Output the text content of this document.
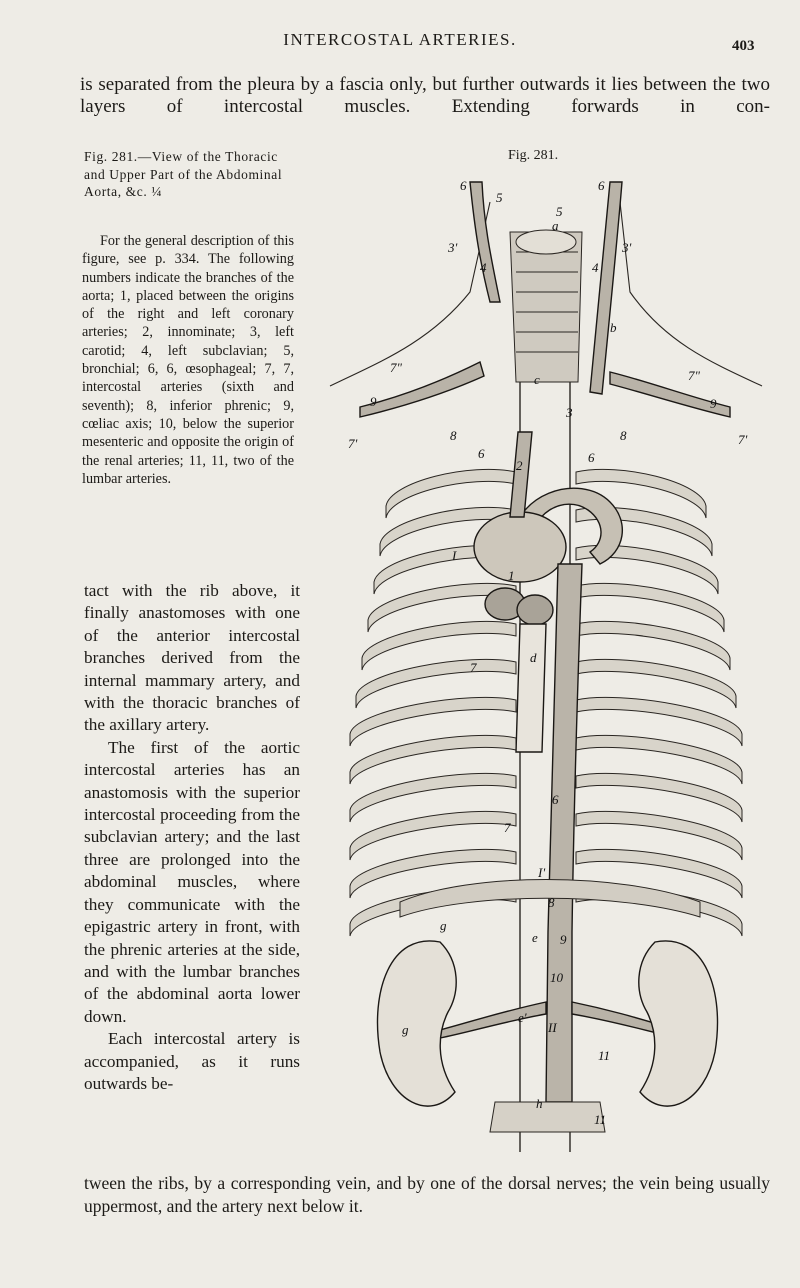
INTERCOSTAL ARTERIES.	403
is separated from the pleura by a fascia only, but further outwards it lies between the two layers of intercostal muscles. Extending forwards in con-
Fig. 281.—View of the Thoracic and Upper Part of the Abdominal Aorta, &c. ¼

For the general description of this figure, see p. 334. The following numbers indicate the branches of the aorta; 1, placed between the origins of the right and left coronary arteries; 2, innominate; 3, left carotid; 4, left subclavian; 5, bronchial; 6, 6, œsophageal; 7, 7, intercostal arteries (sixth and seventh); 8, inferior phrenic; 9, cœliac axis; 10, below the superior mesenteric and opposite the origin of the renal arteries; 11, 11, two of the lumbar arteries.

Fig. 281.

tact with the rib above, it finally anastomoses with one of the anterior intercostal branches derived from the internal mammary artery, and with the thoracic branches of the axillary artery.

The first of the aortic intercostal arteries has an anastomosis with the superior intercostal proceeding from the subclavian artery; and the last three are prolonged into the abdominal muscles, where they communicate with the epigastric artery in front, with the phrenic arteries at the side, and with the lumbar branches of the abdominal aorta lower down.

Each intercostal artery is accompanied, as it runs outwards be-

tween the ribs, by a corresponding vein, and by one of the dorsal nerves; the vein being usually uppermost, and the artery next below it.
6
5
a
5
6
3'
4	4
3'
b
7"
7"
9	9
7'	7'
8	8
6	6
c
2
3
I
1
d
7
6
7
I'
8
g
e 9
10
e'
II
g
11
h
11
